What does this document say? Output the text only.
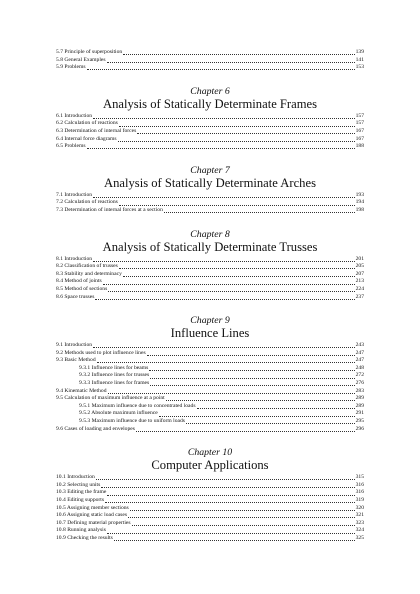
5.7 Principle of superposition	139
5.8 General Examples	141
5.9 Problems	153
Chapter 6
Analysis of Statically Determinate Frames
6.1 Introduction	157
6.2 Calculation of reactions	157
6.3 Determination of internal forces	167
6.4 Internal force diagrams	167
6.5 Problems	188
Chapter 7
Analysis of Statically Determinate Arches
7.1 Introduction	193
7.2 Calculation of reactions	194
7.3 Determination of internal forces at a section	198
Chapter 8
Analysis of Statically Determinate Trusses
8.1 Introduction	201
8.2 Classification of trusses	205
8.3 Stability and determinacy	207
8.4 Method of joints	213
8.5 Method of sections	224
8.6 Space trusses	237
Chapter 9
Influence Lines
9.1 Introduction	243
9.2 Methods used to plot influence lines	247
9.3 Basic Method	247
9.3.1 Influence lines for beams	248
9.3.2 Influence lines for trusses	272
9.3.3 Influence lines for frames	276
9.4 Kinematic Method	283
9.5 Calculation of maximum influence at a point	289
9.5.1 Maximum influence due to concentrated loads	289
9.5.2 Absolute maximum influence	291
9.5.3 Maximum influence due to uniform loads	295
9.6 Cases of loading and envelopes	296
Chapter 10
Computer Applications
10.1 Introduction	315
10.2 Selecting units	316
10.3 Editing the frame	316
10.4 Editing supports	319
10.5 Assigning member sections	320
10.6 Assigning static load cases	321
10.7 Defining material properties	323
10.8 Running analysis	324
10.9 Checking the results	325
